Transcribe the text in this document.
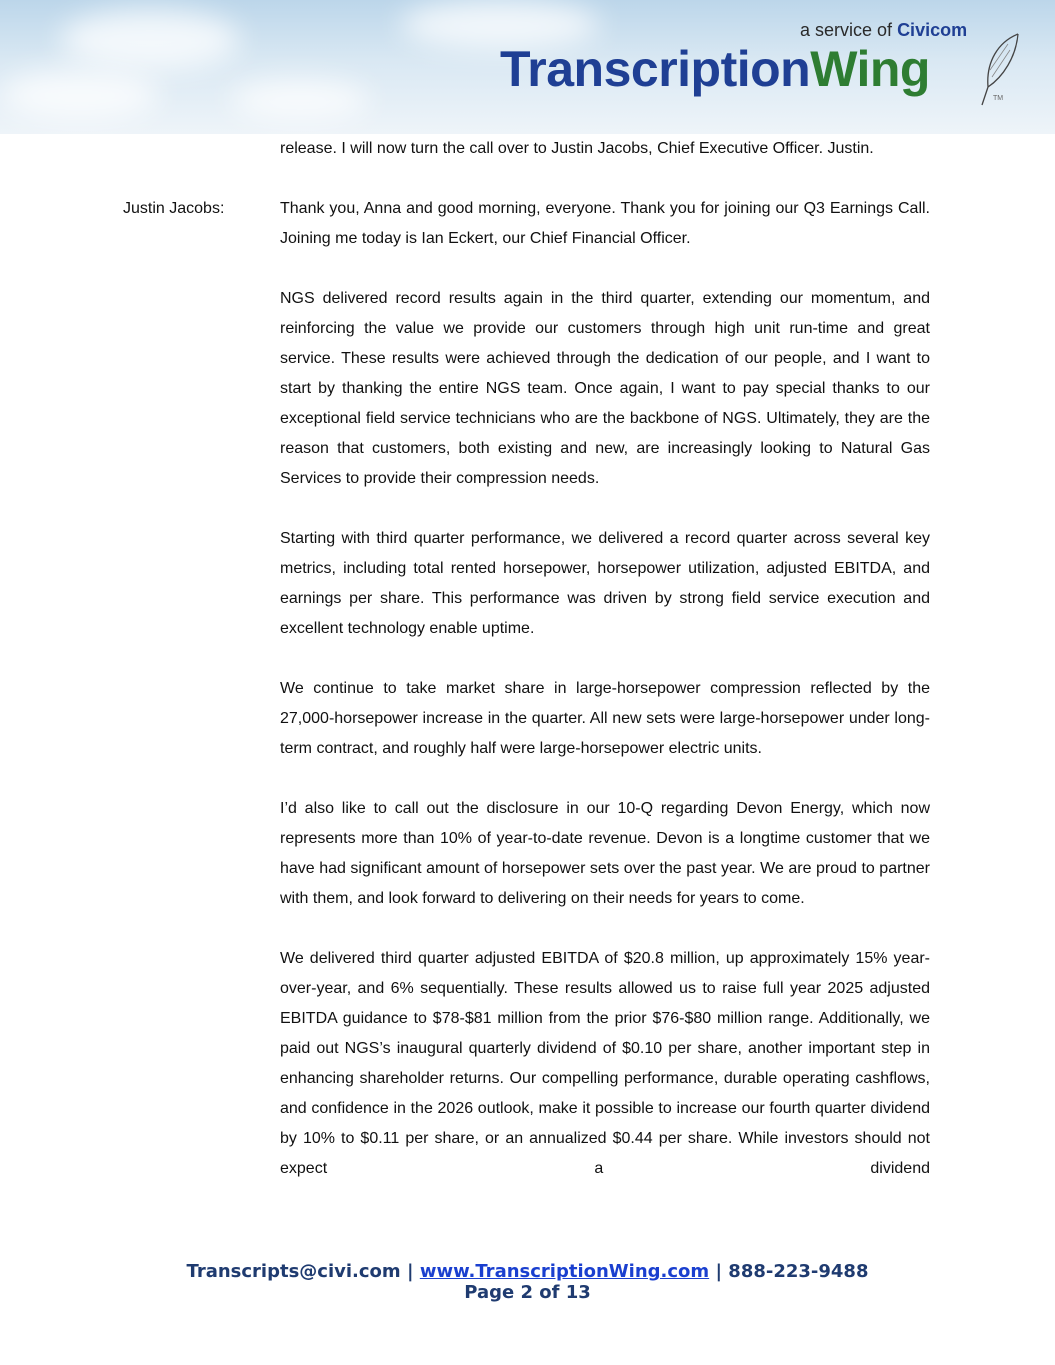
a service of Civicom
TranscriptionWing
TM
release. I will now turn the call over to Justin Jacobs, Chief Executive Officer. Justin.
Justin Jacobs:	Thank you, Anna and good morning, everyone. Thank you for joining our Q3 Earnings Call. Joining me today is Ian Eckert, our Chief Financial Officer.
NGS delivered record results again in the third quarter, extending our momentum, and reinforcing the value we provide our customers through high unit run-time and great service. These results were achieved through the dedication of our people, and I want to start by thanking the entire NGS team. Once again, I want to pay special thanks to our exceptional field service technicians who are the backbone of NGS. Ultimately, they are the reason that customers, both existing and new, are increasingly looking to Natural Gas Services to provide their compression needs.
Starting with third quarter performance, we delivered a record quarter across several key metrics, including total rented horsepower, horsepower utilization, adjusted EBITDA, and earnings per share. This performance was driven by strong field service execution and excellent technology enable uptime.
We continue to take market share in large-horsepower compression reflected by the 27,000-horsepower increase in the quarter. All new sets were large-horsepower under long-term contract, and roughly half were large-horsepower electric units.
I’d also like to call out the disclosure in our 10-Q regarding Devon Energy, which now represents more than 10% of year-to-date revenue. Devon is a longtime customer that we have had significant amount of horsepower sets over the past year. We are proud to partner with them, and look forward to delivering on their needs for years to come.
We delivered third quarter adjusted EBITDA of $20.8 million, up approximately 15% year-over-year, and 6% sequentially. These results allowed us to raise full year 2025 adjusted EBITDA guidance to $78-$81 million from the prior $76-$80 million range. Additionally, we paid out NGS’s inaugural quarterly dividend of $0.10 per share, another important step in enhancing shareholder returns. Our compelling performance, durable operating cashflows, and confidence in the 2026 outlook, make it possible to increase our fourth quarter dividend by 10% to $0.11 per share, or an annualized $0.44 per share. While investors should not expect a dividend
Transcripts@civi.com | www.TranscriptionWing.com | 888-223-9488
Page 2 of 13
